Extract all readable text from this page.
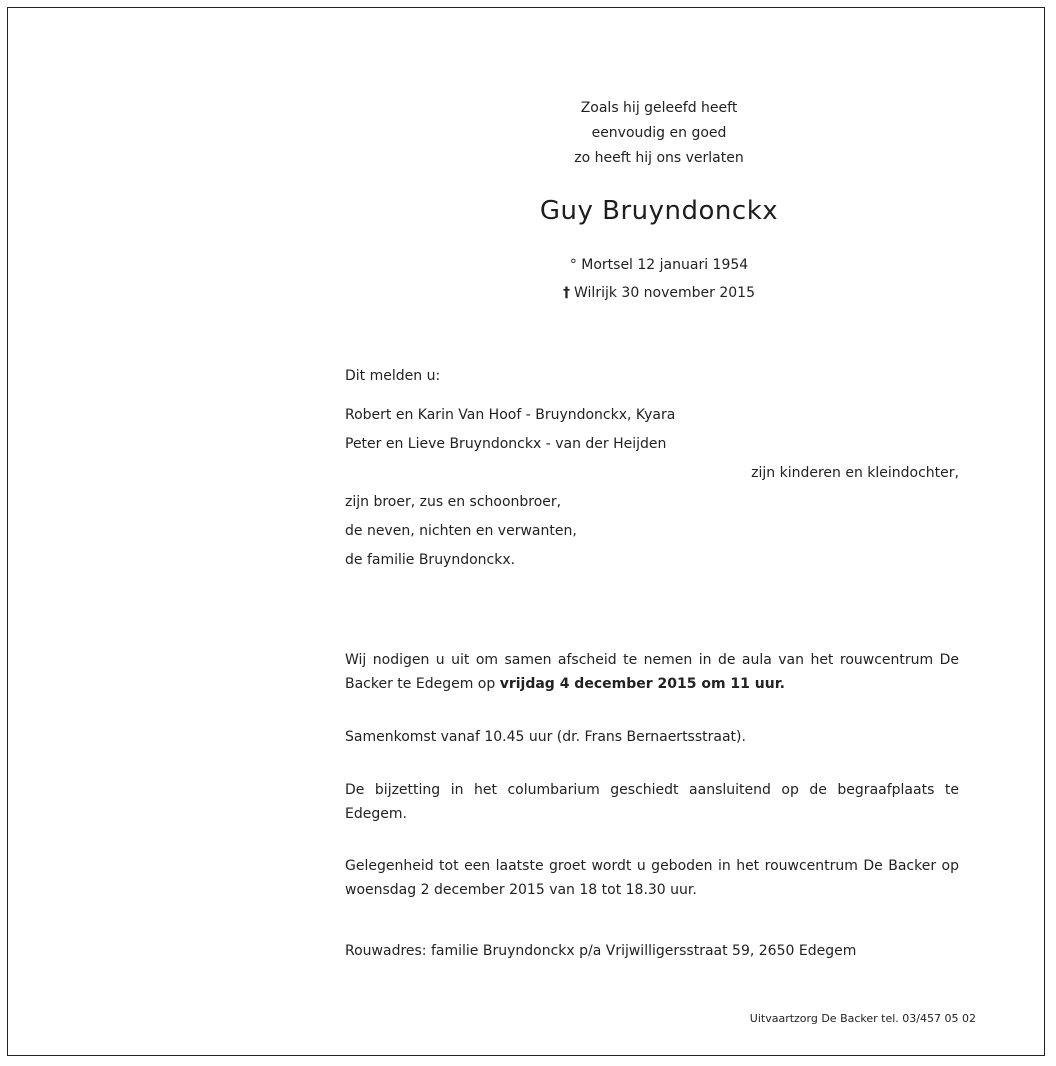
Zoals hij geleefd heeft
eenvoudig en goed
zo heeft hij ons verlaten
Guy Bruyndonckx
° Mortsel 12 januari 1954
† Wilrijk 30 november 2015
Dit melden u:
Robert en Karin Van Hoof - Bruyndonckx, Kyara
Peter en Lieve Bruyndonckx - van der Heijden
zijn kinderen en kleindochter,
zijn broer, zus en schoonbroer,
de neven, nichten en verwanten,
de familie Bruyndonckx.
Wij nodigen u uit om samen afscheid te nemen in de aula van het rouwcentrum De Backer te Edegem op vrijdag 4 december 2015 om 11 uur.
Samenkomst vanaf 10.45 uur (dr. Frans Bernaertsstraat).
De bijzetting in het columbarium geschiedt aansluitend op de begraafplaats te Edegem.
Gelegenheid tot een laatste groet wordt u geboden in het rouwcentrum De Backer op woensdag 2 december 2015 van 18 tot 18.30 uur.
Rouwadres: familie Bruyndonckx p/a Vrijwilligersstraat 59, 2650 Edegem
Uitvaartzorg De Backer tel. 03/457 05 02
